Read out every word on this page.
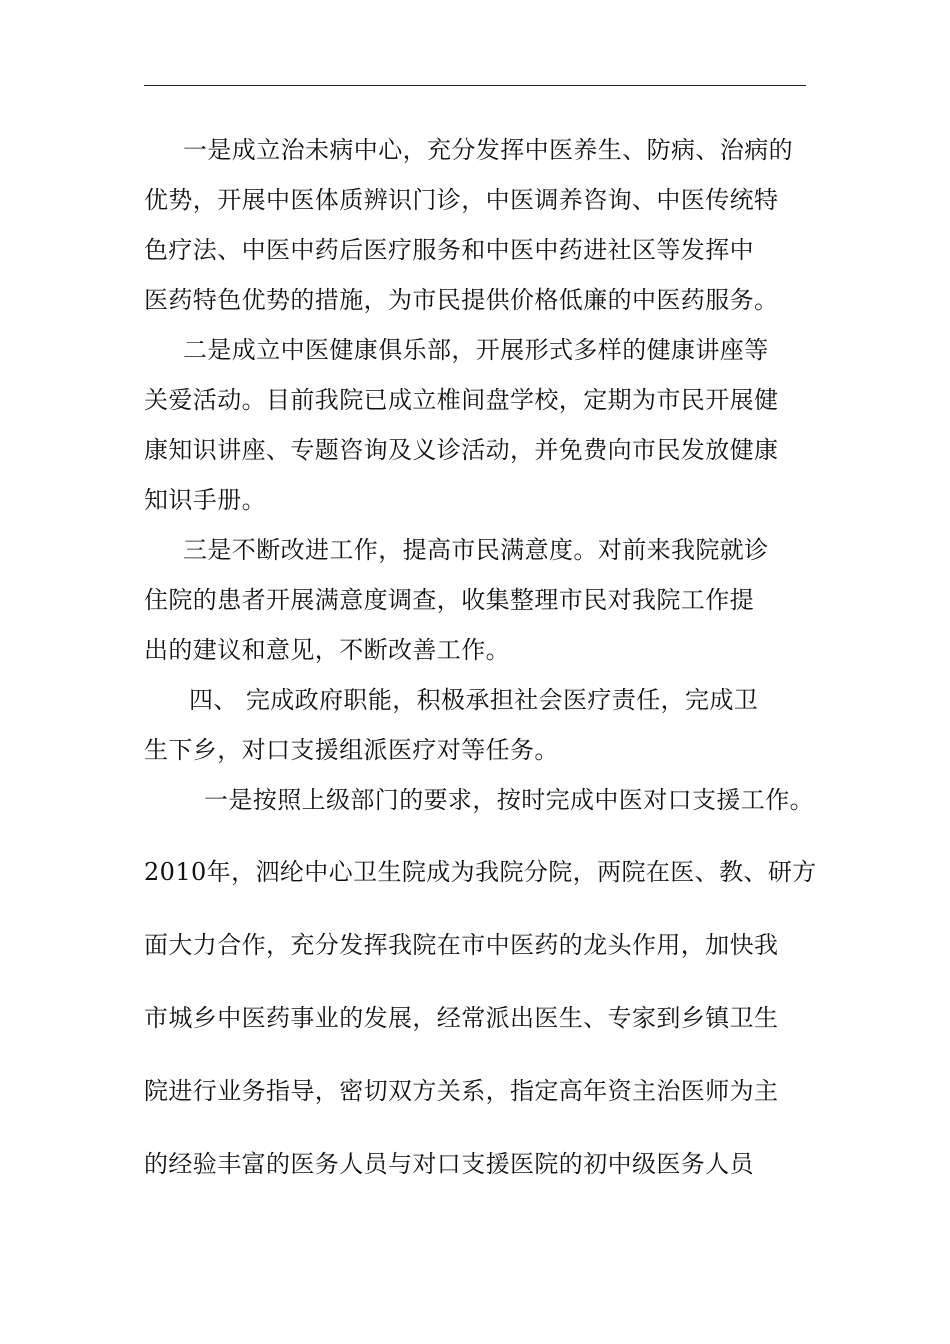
一是成立治未病中心，充分发挥中医养生、防病、治病的
优势，开展中医体质辨识门诊，中医调养咨询、中医传统特
色疗法、中医中药后医疗服务和中医中药进社区等发挥中
医药特色优势的措施，为市民提供价格低廉的中医药服务。
二是成立中医健康俱乐部，开展形式多样的健康讲座等
关爱活动。目前我院已成立椎间盘学校，定期为市民开展健
康知识讲座、专题咨询及义诊活动，并免费向市民发放健康
知识手册。
三是不断改进工作，提高市民满意度。对前来我院就诊
住院的患者开展满意度调查，收集整理市民对我院工作提
出的建议和意见，不断改善工作。
四、 完成政府职能，积极承担社会医疗责任，完成卫
生下乡，对口支援组派医疗对等任务。
一是按照上级部门的要求，按时完成中医对口支援工作。
2010年，泗纶中心卫生院成为我院分院，两院在医、教、研方
面大力合作，充分发挥我院在市中医药的龙头作用，加快我
市城乡中医药事业的发展，经常派出医生、专家到乡镇卫生
院进行业务指导，密切双方关系，指定高年资主治医师为主
的经验丰富的医务人员与对口支援医院的初中级医务人员
